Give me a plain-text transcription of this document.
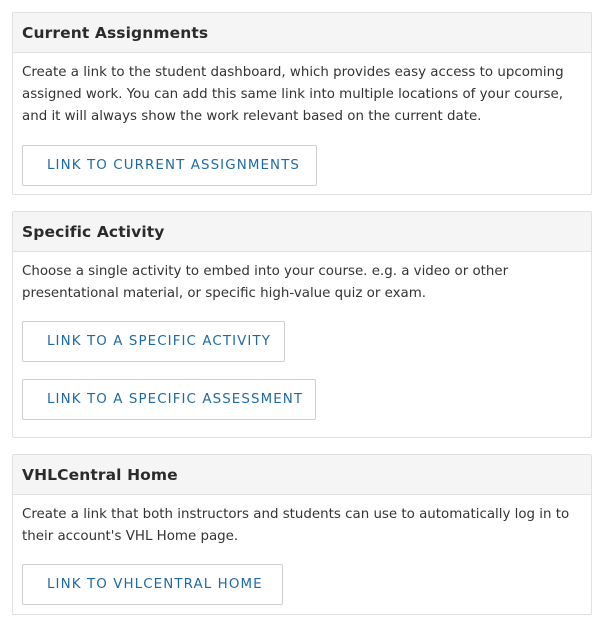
Current Assignments

Create a link to the student dashboard, which provides easy access to upcoming assigned work. You can add this same link into multiple locations of your course, and it will always show the work relevant based on the current date.

LINK TO CURRENT ASSIGNMENTS
Specific Activity

Choose a single activity to embed into your course. e.g. a video or other presentational material, or specific high-value quiz or exam.

LINK TO A SPECIFIC ACTIVITY
LINK TO A SPECIFIC ASSESSMENT
VHLCentral Home

Create a link that both instructors and students can use to automatically log in to their account's VHL Home page.

LINK TO VHLCENTRAL HOME
